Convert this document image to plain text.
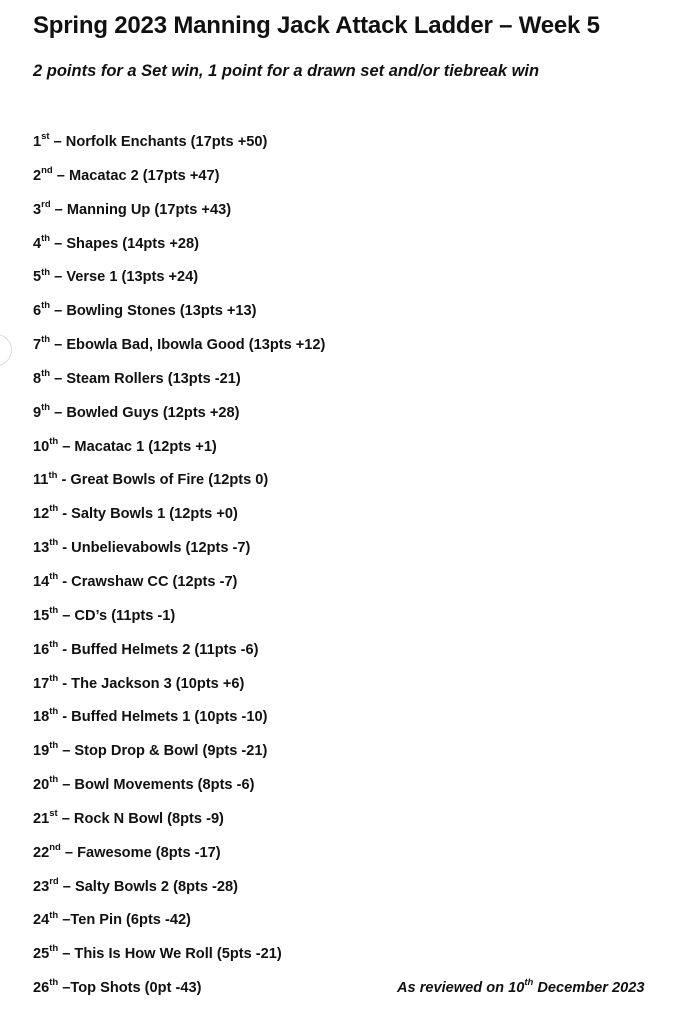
Spring 2023 Manning Jack Attack Ladder – Week 5
2 points for a Set win, 1 point for a drawn set and/or tiebreak win
1st – Norfolk Enchants (17pts +50)
2nd – Macatac 2 (17pts +47)
3rd – Manning Up (17pts +43)
4th – Shapes (14pts +28)
5th – Verse 1 (13pts +24)
6th – Bowling Stones (13pts +13)
7th – Ebowla Bad, Ibowla Good (13pts +12)
8th – Steam Rollers (13pts -21)
9th – Bowled Guys (12pts +28)
10th – Macatac 1 (12pts +1)
11th - Great Bowls of Fire (12pts 0)
12th - Salty Bowls 1 (12pts +0)
13th - Unbelievabowls (12pts -7)
14th - Crawshaw CC (12pts -7)
15th – CD’s (11pts -1)
16th - Buffed Helmets 2 (11pts -6)
17th - The Jackson 3 (10pts +6)
18th - Buffed Helmets 1 (10pts -10)
19th – Stop Drop & Bowl (9pts -21)
20th – Bowl Movements (8pts -6)
21st – Rock N Bowl (8pts -9)
22nd – Fawesome (8pts -17)
23rd – Salty Bowls 2 (8pts -28)
24th –Ten Pin (6pts -42)
25th – This Is How We Roll (5pts -21)
26th –Top Shots (0pt -43)	As reviewed on 10th December 2023
